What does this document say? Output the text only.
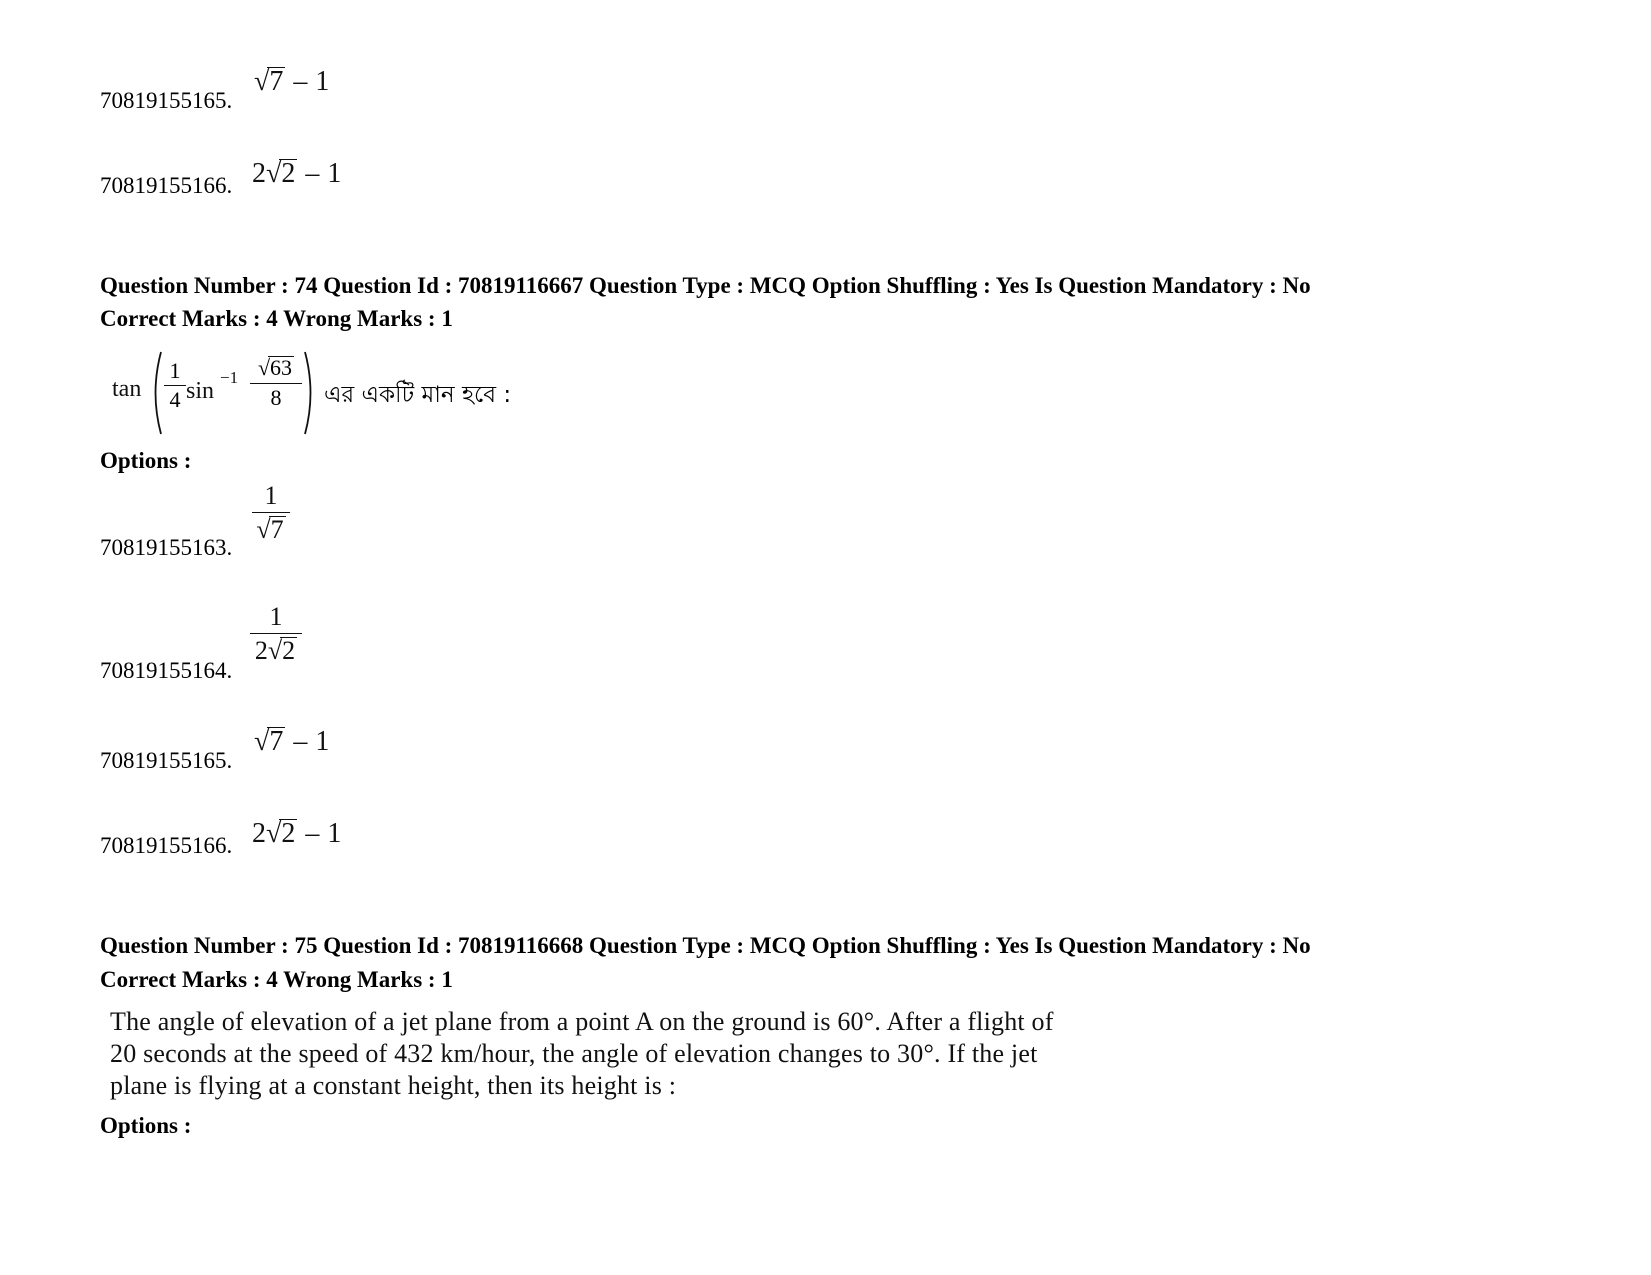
70819155165.
√7 – 1
70819155166. 2√2 – 1
Question Number : 74 Question Id : 70819116667 Question Type : MCQ Option Shuffling : Yes Is Question Mandatory : No
Correct Marks : 4 Wrong Marks : 1
tan
1
4 sin
−1 √63
8	এর একটি মান হবে :
Options :
70819155163.
1
√7
70819155164.
1
2√2
70819155165.
√7 – 1
70819155166. 2√2 – 1
Question Number : 75 Question Id : 70819116668 Question Type : MCQ Option Shuffling : Yes Is Question Mandatory : No
Correct Marks : 4 Wrong Marks : 1
The angle of elevation of a jet plane from a point A on the ground is 60°. After a flight of
20 seconds at the speed of 432 km/hour, the angle of elevation changes to 30°. If the jet
plane is flying at a constant height, then its height is :
Options :
